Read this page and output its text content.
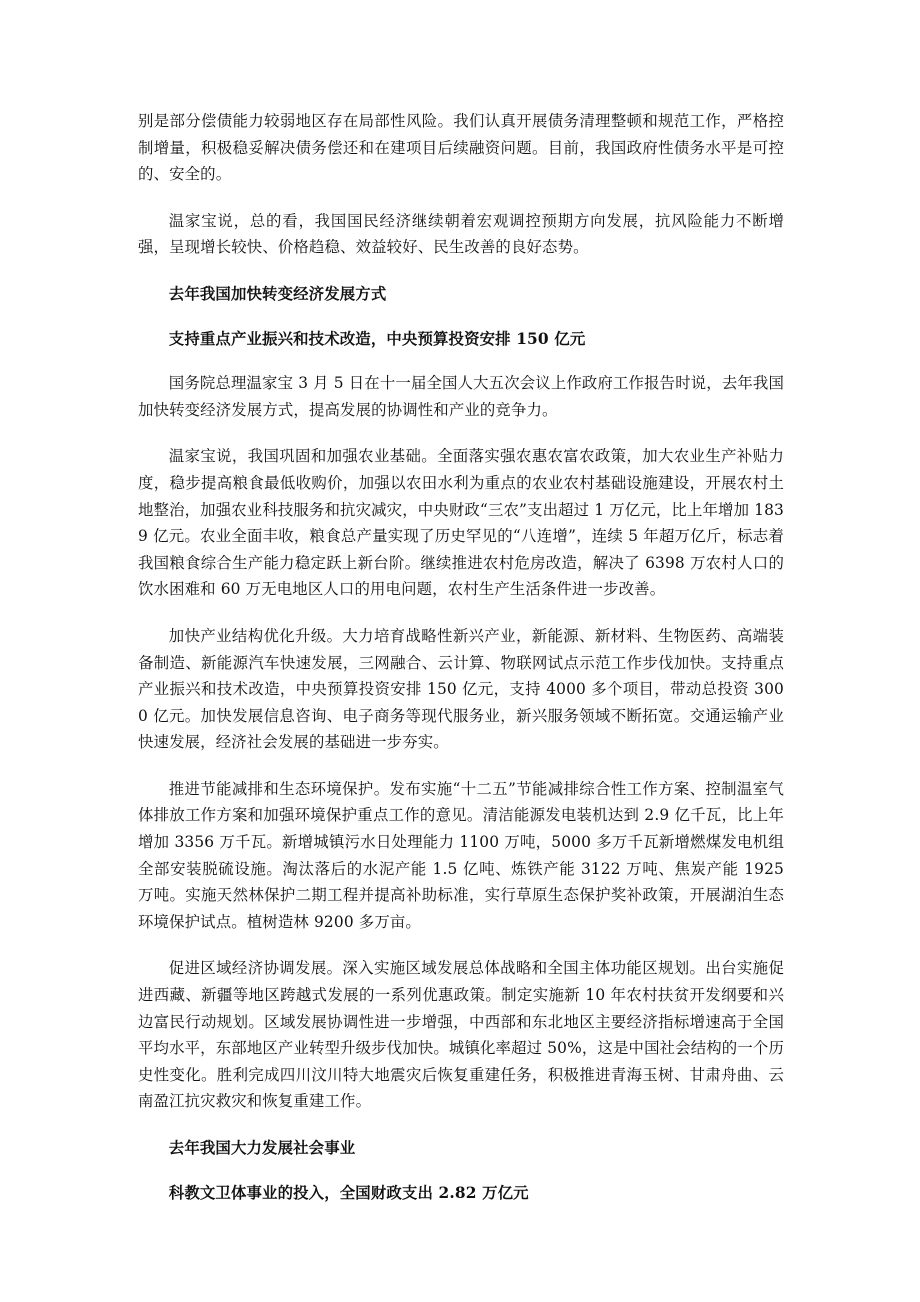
别是部分偿债能力较弱地区存在局部性风险。我们认真开展债务清理整顿和规范工作，严格控制增量，积极稳妥解决债务偿还和在建项目后续融资问题。目前，我国政府性债务水平是可控的、安全的。

温家宝说，总的看，我国国民经济继续朝着宏观调控预期方向发展，抗风险能力不断增强，呈现增长较快、价格趋稳、效益较好、民生改善的良好态势。

去年我国加快转变经济发展方式

支持重点产业振兴和技术改造，中央预算投资安排 150 亿元

国务院总理温家宝 3 月 5 日在十一届全国人大五次会议上作政府工作报告时说，去年我国加快转变经济发展方式，提高发展的协调性和产业的竞争力。

温家宝说，我国巩固和加强农业基础。全面落实强农惠农富农政策，加大农业生产补贴力度，稳步提高粮食最低收购价，加强以农田水利为重点的农业农村基础设施建设，开展农村土地整治，加强农业科技服务和抗灾减灾，中央财政“三农”支出超过 1 万亿元，比上年增加 1839 亿元。农业全面丰收，粮食总产量实现了历史罕见的“八连增”，连续 5 年超万亿斤，标志着我国粮食综合生产能力稳定跃上新台阶。继续推进农村危房改造，解决了 6398 万农村人口的饮水困难和 60 万无电地区人口的用电问题，农村生产生活条件进一步改善。

加快产业结构优化升级。大力培育战略性新兴产业，新能源、新材料、生物医药、高端装备制造、新能源汽车快速发展，三网融合、云计算、物联网试点示范工作步伐加快。支持重点产业振兴和技术改造，中央预算投资安排 150 亿元，支持 4000 多个项目，带动总投资 3000 亿元。加快发展信息咨询、电子商务等现代服务业，新兴服务领域不断拓宽。交通运输产业快速发展，经济社会发展的基础进一步夯实。

推进节能减排和生态环境保护。发布实施“十二五”节能减排综合性工作方案、控制温室气体排放工作方案和加强环境保护重点工作的意见。清洁能源发电装机达到 2.9 亿千瓦，比上年增加 3356 万千瓦。新增城镇污水日处理能力 1100 万吨，5000 多万千瓦新增燃煤发电机组全部安装脱硫设施。淘汰落后的水泥产能 1.5 亿吨、炼铁产能 3122 万吨、焦炭产能 1925 万吨。实施天然林保护二期工程并提高补助标准，实行草原生态保护奖补政策，开展湖泊生态环境保护试点。植树造林 9200 多万亩。

促进区域经济协调发展。深入实施区域发展总体战略和全国主体功能区规划。出台实施促进西藏、新疆等地区跨越式发展的一系列优惠政策。制定实施新 10 年农村扶贫开发纲要和兴边富民行动规划。区域发展协调性进一步增强，中西部和东北地区主要经济指标增速高于全国平均水平，东部地区产业转型升级步伐加快。城镇化率超过 50%，这是中国社会结构的一个历史性变化。胜利完成四川汶川特大地震灾后恢复重建任务，积极推进青海玉树、甘肃舟曲、云南盈江抗灾救灾和恢复重建工作。

去年我国大力发展社会事业

科教文卫体事业的投入，全国财政支出 2.82 万亿元
